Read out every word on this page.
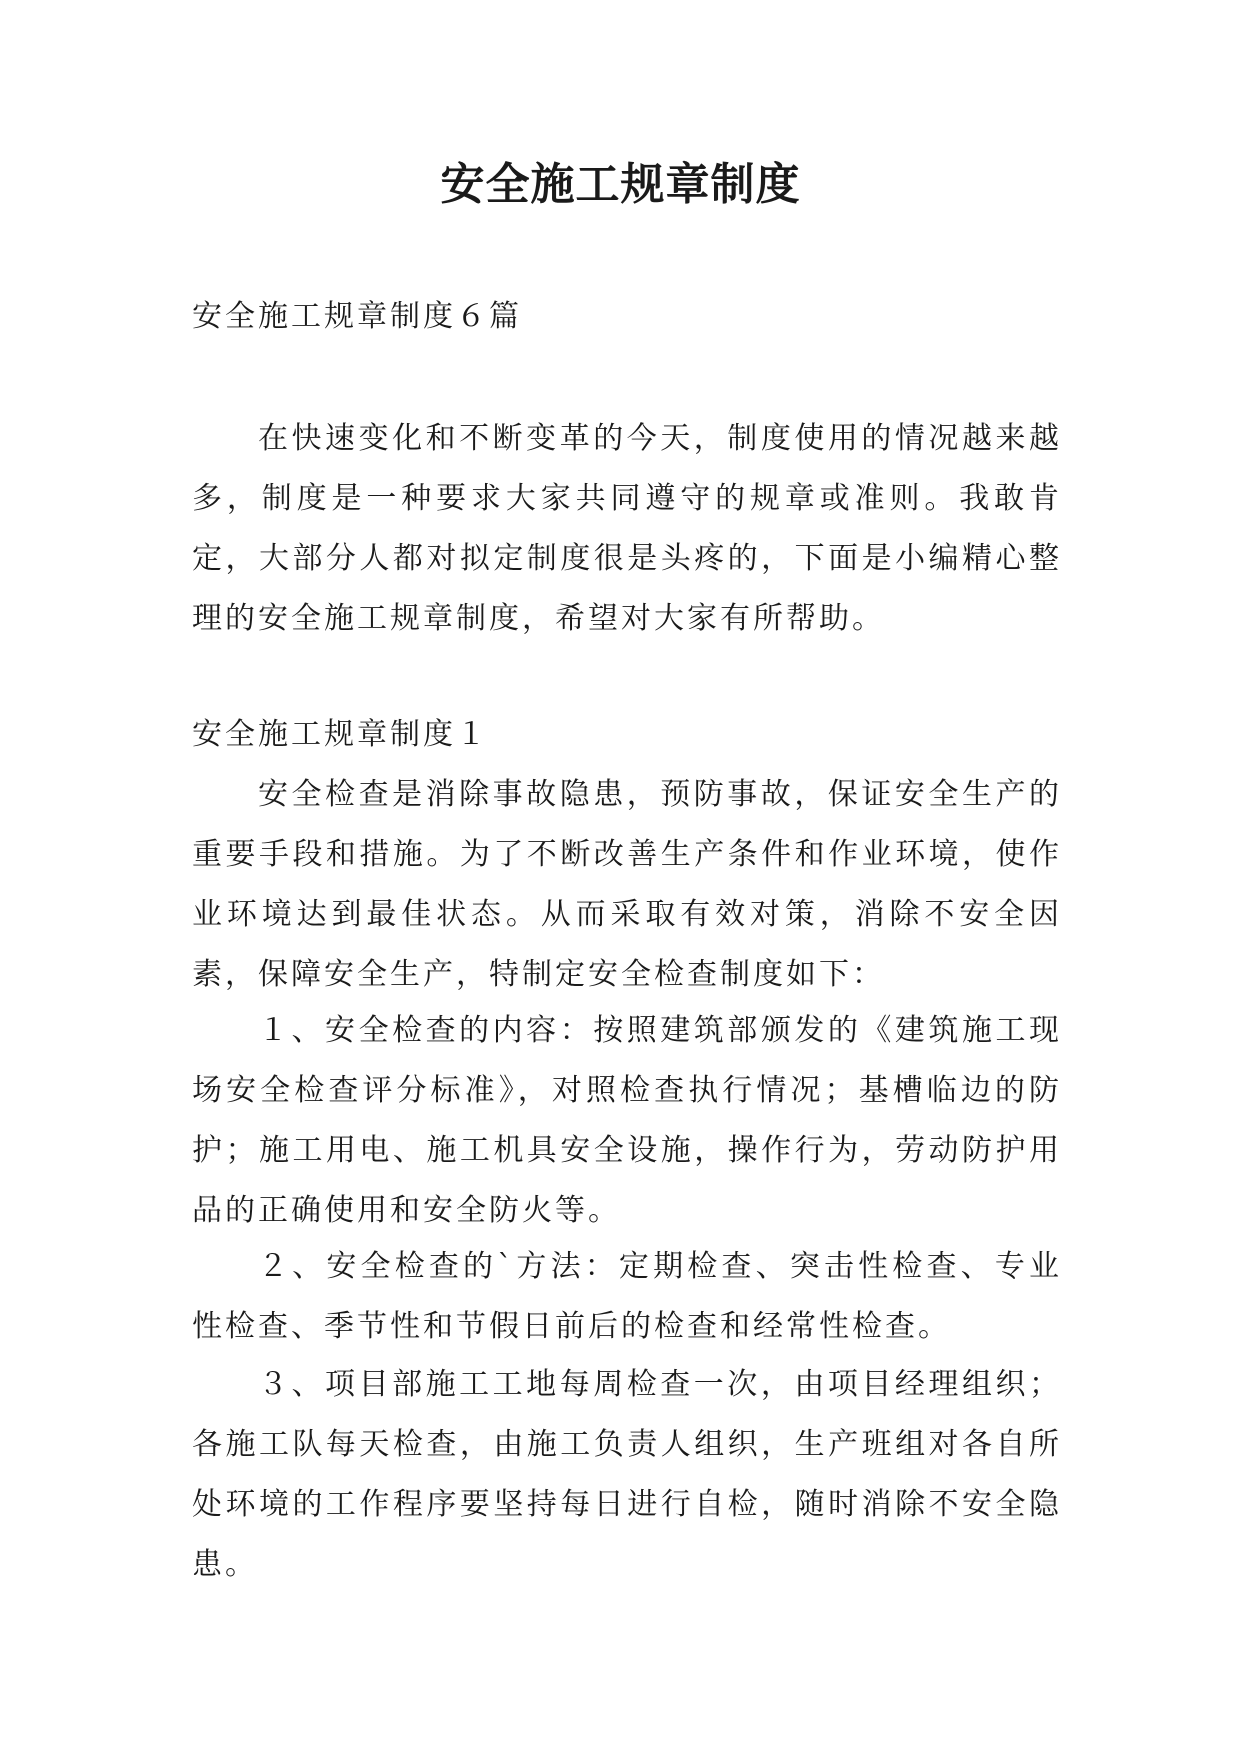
安全施工规章制度

安全施工规章制度６篇

在快速变化和不断变革的今天，制度使用的情况越来越多，制度是一种要求大家共同遵守的规章或准则。我敢肯定，大部分人都对拟定制度很是头疼的，下面是小编精心整理的安全施工规章制度，希望对大家有所帮助。

安全施工规章制度１

安全检查是消除事故隐患，预防事故，保证安全生产的重要手段和措施。为了不断改善生产条件和作业环境，使作业环境达到最佳状态。从而采取有效对策，消除不安全因素，保障安全生产，特制定安全检查制度如下：

１、安全检查的内容：按照建筑部颁发的《建筑施工现场安全检查评分标准》，对照检查执行情况；基槽临边的防护；施工用电、施工机具安全设施，操作行为，劳动防护用品的正确使用和安全防火等。

２、安全检查的`方法：定期检查、突击性检查、专业性检查、季节性和节假日前后的检查和经常性检查。

３、项目部施工工地每周检查一次，由项目经理组织；各施工队每天检查，由施工负责人组织，生产班组对各自所处环境的工作程序要坚持每日进行自检，随时消除不安全隐患。
